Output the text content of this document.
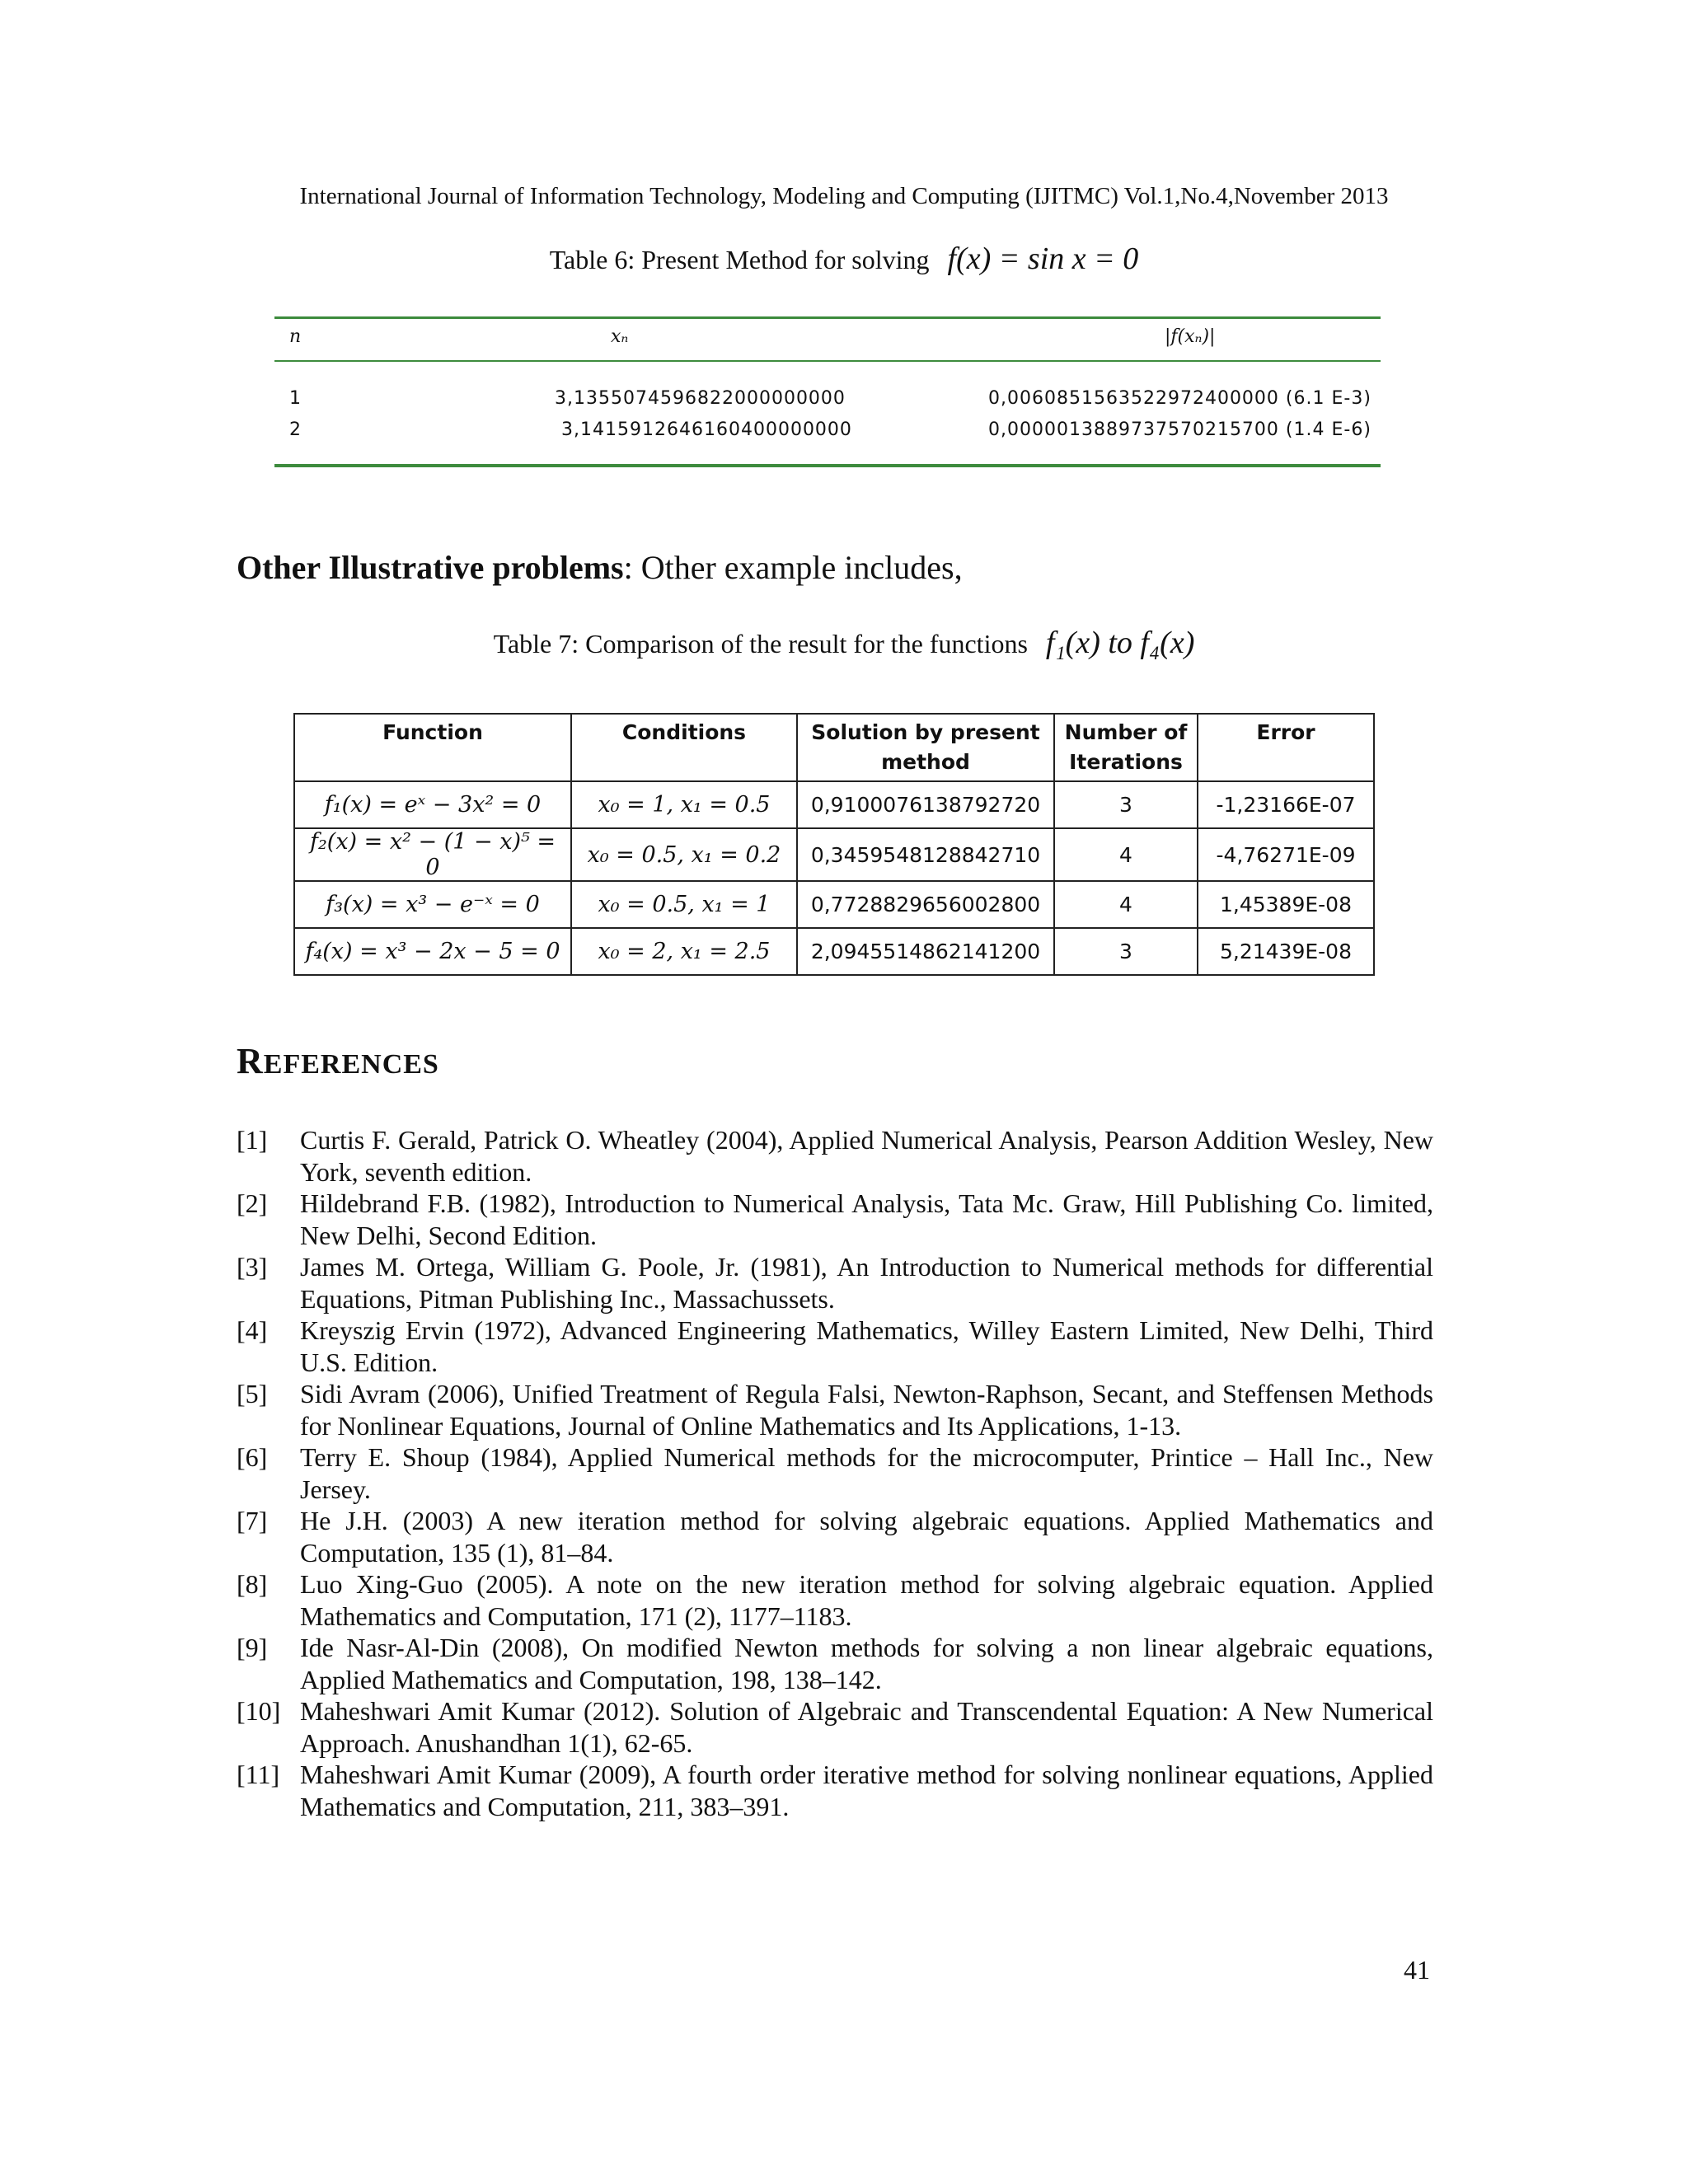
International Journal of Information Technology, Modeling and Computing (IJITMC) Vol.1,No.4,November 2013
Table 6: Present Method for solving f(x) = sin x = 0
n	xₙ	|f(xₙ)|
1	3,1355074596822000000000	0,0060851563522972400000 (6.1 E-3)
2	3,1415912646160400000000	0,0000013889737570215700 (1.4 E-6)
Other Illustrative problems: Other example includes,
Table 7: Comparison of the result for the functions f₁(x) to f₄(x)
Function	Conditions	Solution by present method	Number of Iterations	Error
f₁(x) = eˣ − 3x² = 0	x₀ = 1, x₁ = 0.5	0,9100076138792720	3	-1,23166E-07
f₂(x) = x² − (1 − x)⁵ = 0	x₀ = 0.5, x₁ = 0.2	0,3459548128842710	4	-4,76271E-09
f₃(x) = x³ − e⁻ˣ = 0	x₀ = 0.5, x₁ = 1	0,7728829656002800	4	1,45389E-08
f₄(x) = x³ − 2x − 5 = 0	x₀ = 2, x₁ = 2.5	2,0945514862141200	3	5,21439E-08
REFERENCES
[1]	Curtis F. Gerald, Patrick O. Wheatley (2004), Applied Numerical Analysis, Pearson Addition Wesley, New York, seventh edition.
[2]	Hildebrand F.B. (1982), Introduction to Numerical Analysis, Tata Mc. Graw, Hill Publishing Co. limited, New Delhi, Second Edition.
[3]	James M. Ortega, William G. Poole, Jr. (1981), An Introduction to Numerical methods for differential Equations, Pitman Publishing Inc., Massachussets.
[4]	Kreyszig Ervin (1972), Advanced Engineering Mathematics, Willey Eastern Limited, New Delhi, Third U.S. Edition.
[5]	Sidi Avram (2006), Unified Treatment of Regula Falsi, Newton-Raphson, Secant, and Steffensen Methods for Nonlinear Equations, Journal of Online Mathematics and Its Applications, 1-13.
[6]	Terry E. Shoup (1984), Applied Numerical methods for the microcomputer, Printice – Hall Inc., New Jersey.
[7]	He J.H. (2003) A new iteration method for solving algebraic equations. Applied Mathematics and Computation, 135 (1), 81–84.
[8]	Luo Xing-Guo (2005). A note on the new iteration method for solving algebraic equation. Applied Mathematics and Computation, 171 (2), 1177–1183.
[9]	Ide Nasr-Al-Din (2008), On modified Newton methods for solving a non linear algebraic equations, Applied Mathematics and Computation, 198, 138–142.
[10] Maheshwari Amit Kumar (2012). Solution of Algebraic and Transcendental Equation: A New Numerical Approach. Anushandhan 1(1), 62-65.
[11] Maheshwari Amit Kumar (2009), A fourth order iterative method for solving nonlinear equations, Applied Mathematics and Computation, 211, 383–391.
41
